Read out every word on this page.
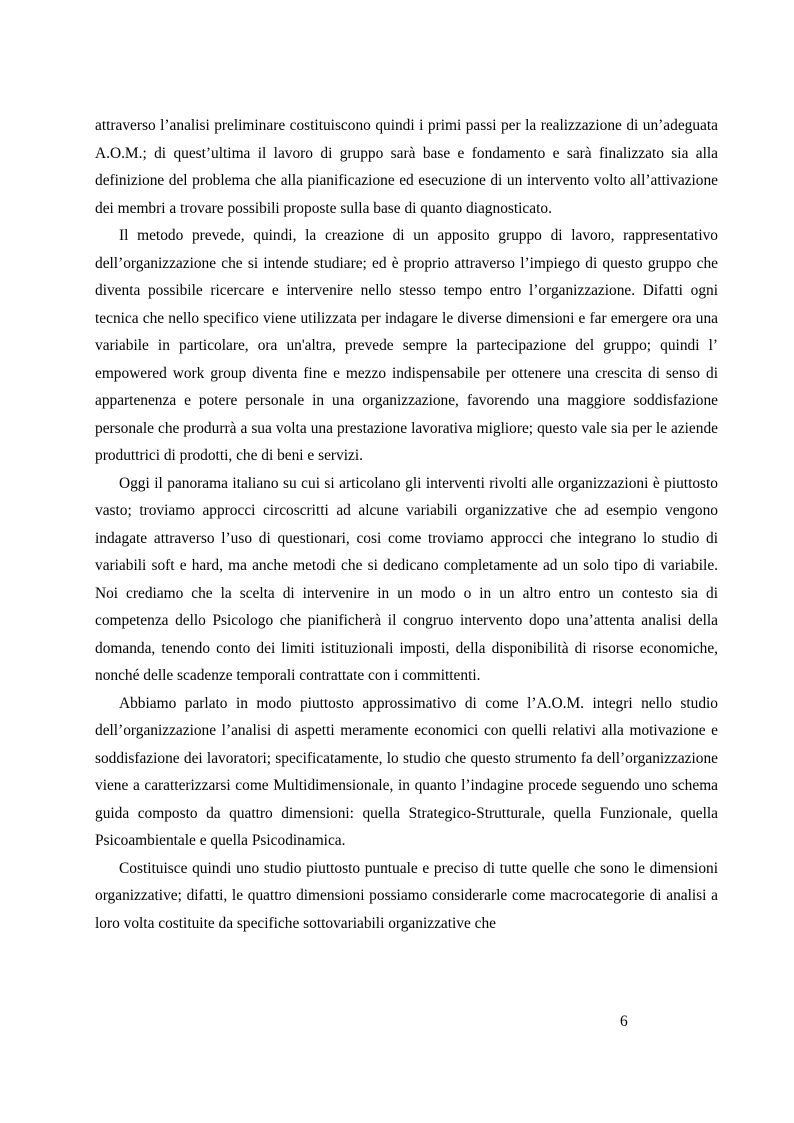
attraverso l’analisi preliminare costituiscono quindi i primi passi per la realizzazione di un’adeguata A.O.M.; di quest’ultima il lavoro di gruppo sarà base e fondamento e sarà finalizzato sia alla definizione del problema che alla pianificazione ed esecuzione di un intervento volto all’attivazione dei membri a trovare possibili proposte sulla base di quanto diagnosticato.

Il metodo prevede, quindi, la creazione di un apposito gruppo di lavoro, rappresentativo dell’organizzazione che si intende studiare; ed è proprio attraverso l’impiego di questo gruppo che diventa possibile ricercare e intervenire nello stesso tempo entro l’organizzazione. Difatti ogni tecnica che nello specifico viene utilizzata per indagare le diverse dimensioni e far emergere ora una variabile in particolare, ora un'altra, prevede sempre la partecipazione del gruppo; quindi l’ empowered work group diventa fine e mezzo indispensabile per ottenere una crescita di senso di appartenenza e potere personale in una organizzazione, favorendo una maggiore soddisfazione personale che produrrà a sua volta una prestazione lavorativa migliore; questo vale sia per le aziende produttrici di prodotti, che di beni e servizi.

Oggi il panorama italiano su cui si articolano gli interventi rivolti alle organizzazioni è piuttosto vasto; troviamo approcci circoscritti ad alcune variabili organizzative che ad esempio vengono indagate attraverso l’uso di questionari, cosi come troviamo approcci che integrano lo studio di variabili soft e hard, ma anche metodi che si dedicano completamente ad un solo tipo di variabile. Noi crediamo che la scelta di intervenire in un modo o in un altro entro un contesto sia di competenza dello Psicologo che pianificherà il congruo intervento dopo una’attenta analisi della domanda, tenendo conto dei limiti istituzionali imposti, della disponibilità di risorse economiche, nonché delle scadenze temporali contrattate con i committenti.

Abbiamo parlato in modo piuttosto approssimativo di come l’A.O.M. integri nello studio dell’organizzazione l’analisi di aspetti meramente economici con quelli relativi alla motivazione e soddisfazione dei lavoratori; specificatamente, lo studio che questo strumento fa dell’organizzazione viene a caratterizzarsi come Multidimensionale, in quanto l’indagine procede seguendo uno schema guida composto da quattro dimensioni: quella Strategico-Strutturale, quella Funzionale, quella Psicoambientale e quella Psicodinamica.

Costituisce quindi uno studio piuttosto puntuale e preciso di tutte quelle che sono le dimensioni organizzative; difatti, le quattro dimensioni possiamo considerarle come macrocategorie di analisi a loro volta costituite da specifiche sottovariabili organizzative che

6
